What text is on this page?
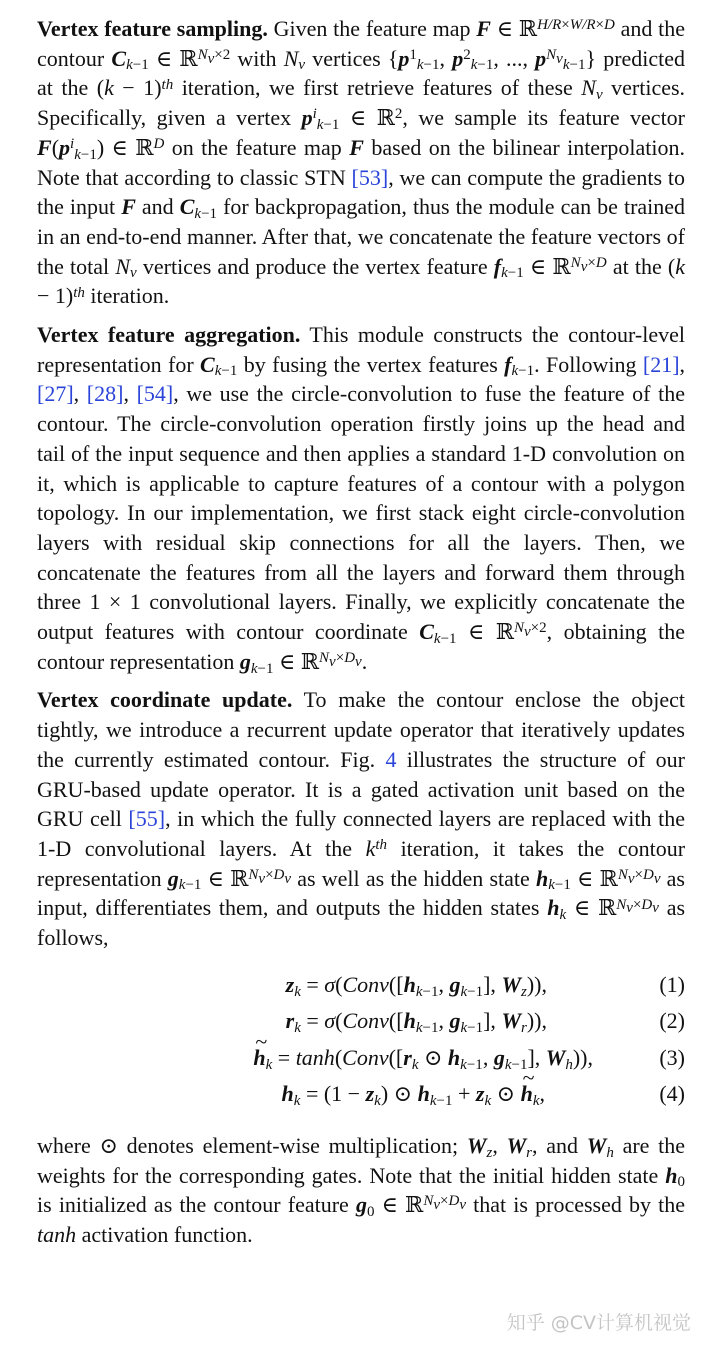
Vertex feature sampling. Given the feature map F ∈ ℝ$^{H/R\times W/R\times D}$ and the contour $C_{k-1}$ ∈ ℝ$^{N_v\times 2}$ with $N_v$ vertices {$p^1_{k-1}$, $p^2_{k-1}$, ..., $p^{N_v}_{k-1}$} predicted at the $(k - 1)^{th}$ iteration, we first retrieve features of these $N_v$ vertices. Specifically, given a vertex $p^i_{k-1}$ ∈ ℝ$^2$, we sample its feature vector $F(p^i_{k-1})$ ∈ ℝ$^D$ on the feature map F based on the bilinear interpolation. Note that according to classic STN [53], we can compute the gradients to the input F and $C_{k-1}$ for backpropagation, thus the module can be trained in an end-to-end manner. After that, we concatenate the feature vectors of the total $N_v$ vertices and produce the vertex feature $f_{k-1}$ ∈ ℝ$^{N_v\times D}$ at the $(k - 1)^{th}$ iteration.

Vertex feature aggregation. This module constructs the contour-level representation for $C_{k-1}$ by fusing the vertex features $f_{k-1}$. Following [21], [27], [28], [54], we use the circle-convolution to fuse the feature of the contour. The circle-convolution operation firstly joins up the head and tail of the input sequence and then applies a standard 1-D convolution on it, which is applicable to capture features of a contour with a polygon topology. In our implementation, we first stack eight circle-convolution layers with residual skip connections for all the layers. Then, we concatenate the features from all the layers and forward them through three 1 × 1 convolutional layers. Finally, we explicitly concatenate the output features with contour coordinate $C_{k-1}$ ∈ ℝ$^{N_v\times 2}$, obtaining the contour representation $g_{k-1}$ ∈ ℝ$^{N_v\times D_v}$.

Vertex coordinate update. To make the contour enclose the object tightly, we introduce a recurrent update operator that iteratively updates the currently estimated contour. Fig. 4 illustrates the structure of our GRU-based update operator. It is a gated activation unit based on the GRU cell [55], in which the fully connected layers are replaced with the 1-D convolutional layers. At the $k^{th}$ iteration, it takes the contour representation $g_{k-1}$ ∈ ℝ$^{N_v\times D_v}$ as well as the hidden state $h_{k-1}$ ∈ ℝ$^{N_v\times D_v}$ as input, differentiates them, and outputs the hidden states $h_k$ ∈ ℝ$^{N_v\times D_v}$ as follows,

$z_k$ = $\sigma(Conv([h_{k-1}$, $g_{k-1}$], $W_z$)),	(1)
$r_k$ = $\sigma(Conv([h_{k-1}$, $g_{k-1}$], $W_r$)),	(2)
~ $h_k$ = $\tanh(Conv([r_k$ ⊙ $h_{k-1}$, $g_{k-1}$], $W_h$)),	(3)
$h_k = (1 - z_k)$ ⊙ $h_{k-1} + z_k$ ⊙ ~ $h_k$,	(4)

where ⊙ denotes element-wise multiplication; $W_z$, $W_r$, and $W_h$ are the weights for the corresponding gates. Note that the initial hidden state $h_0$ is initialized as the contour feature $g_0$ ∈ ℝ$^{N_v\times D_v}$ that is processed by the tanh activation function.

知乎 @CV计算机视觉
